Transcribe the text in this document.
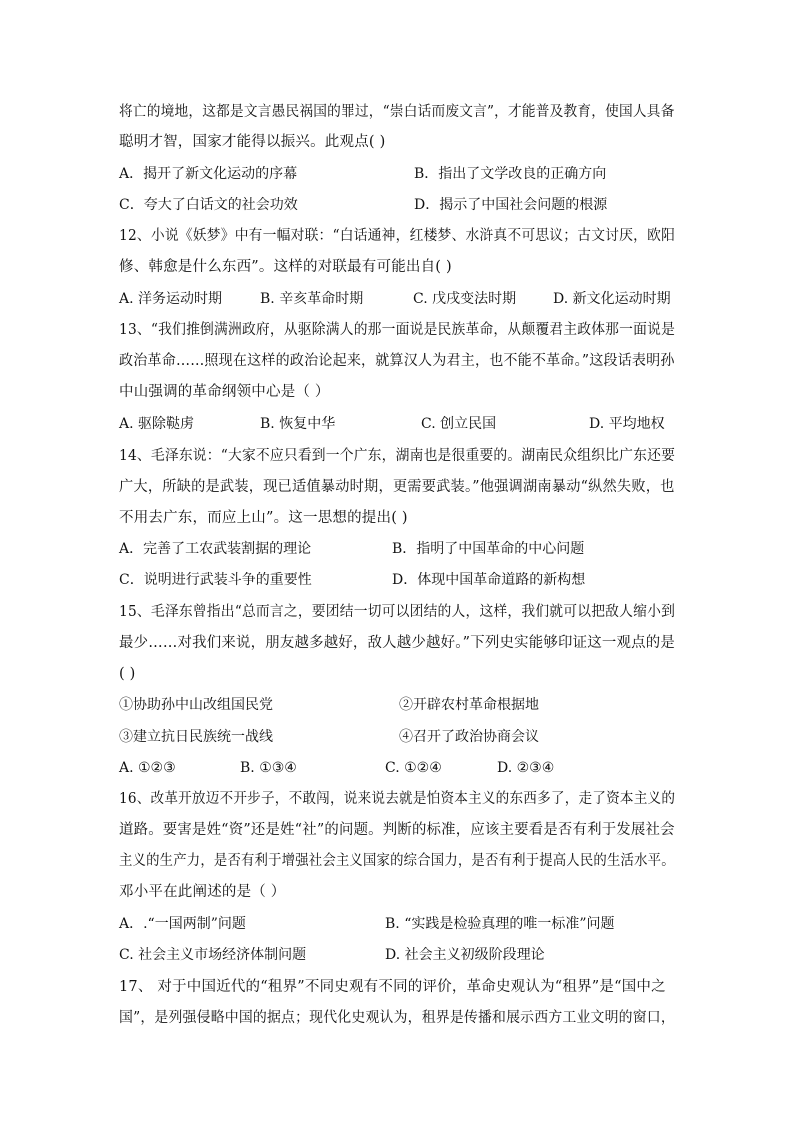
将亡的境地，这都是文言愚民祸国的罪过，“崇白话而废文言”，才能普及教育，使国人具备
聪明才智，国家才能得以振兴。此观点( )
A．揭开了新文化运动的序幕	B．指出了文学改良的正确方向
C．夸大了白话文的社会功效	D．揭示了中国社会问题的根源
12、小说《妖梦》中有一幅对联：“白话通神，红楼梦、水浒真不可思议；古文讨厌，欧阳
修、韩愈是什么东西”。这样的对联最有可能出自( )
A. 洋务运动时期	B. 辛亥革命时期	C. 戊戌变法时期	D. 新文化运动时期
13、“我们推倒满洲政府，从驱除满人的那一面说是民族革命，从颠覆君主政体那一面说是
政治革命……照现在这样的政治论起来，就算汉人为君主，也不能不革命。”这段话表明孙
中山强调的革命纲领中心是（ ）
A. 驱除鞑虏	B. 恢复中华	C. 创立民国	D. 平均地权
14、毛泽东说：“大家不应只看到一个广东，湖南也是很重要的。湖南民众组织比广东还要
广大，所缺的是武装，现已适值暴动时期，更需要武装。”他强调湖南暴动“纵然失败，也
不用去广东，而应上山”。这一思想的提出( )
A．完善了工农武装割据的理论	B．指明了中国革命的中心问题
C．说明进行武装斗争的重要性	D．体现中国革命道路的新构想
15、毛泽东曾指出“总而言之，要团结一切可以团结的人，这样，我们就可以把敌人缩小到
最少……对我们来说，朋友越多越好，敌人越少越好。”下列史实能够印证这一观点的是
( )
①协助孙中山改组国民党	②开辟农村革命根据地
③建立抗日民族统一战线	④召开了政治协商会议
A. ①②③	B. ①③④	C. ①②④	D. ②③④
16、改革开放迈不开步子，不敢闯，说来说去就是怕资本主义的东西多了，走了资本主义的
道路。要害是姓“资”还是姓“社”的问题。判断的标准，应该主要看是否有利于发展社会
主义的生产力，是否有利于增强社会主义国家的综合国力，是否有利于提高人民的生活水平。
邓小平在此阐述的是（ ）
A．.“一国两制”问题	B. “实践是检验真理的唯一标准”问题
C. 社会主义市场经济体制问题	D. 社会主义初级阶段理论
17、 对于中国近代的“租界”不同史观有不同的评价，革命史观认为“租界”是“国中之
国”，是列强侵略中国的据点；现代化史观认为，租界是传播和展示西方工业文明的窗口，
